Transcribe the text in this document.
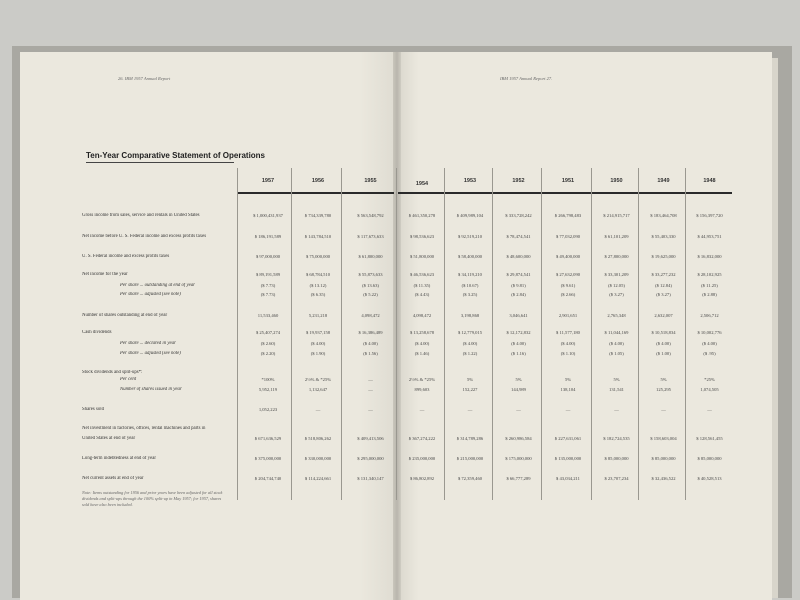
26. IBM 1957 Annual Report	IBM 1957 Annual Report 27.
Ten-Year Comparative Statement of Operations
1957	1956	1955	1954	1953	1952	1951	1950	1949	1948
Gross income from sales, service and rentals in United States	$ 1,000,431,937	$ 734,339,780	$ 563,548,792	$ 461,350,278	$ 409,989,104	$ 333,728,242	$ 266,798,483	$ 214,915,717	$ 183,464,708	$ 156,397,720
Net income before U. S. Federal income and excess profits taxes	$ 186,191,589	$ 143,784,510	$ 117,673,633	$ 98,536,623	$ 92,519,210	$ 78,474,541	$ 77,032,090	$ 61,101,209	$ 55,403,330	$ 44,953,751
U. S. Federal income and excess profits taxes	$ 97,000,000	$ 75,000,000	$ 61,800,000	$ 51,800,000	$ 58,400,000	$ 48,600,000	$ 49,400,000	$ 27,800,000	$ 19,625,000	$ 16,832,000
Net income for the year	$ 89,191,589	$ 68,784,510	$ 55,873,633	$ 46,536,623	$ 34,119,210	$ 29,874,541	$ 27,632,090	$ 33,301,209	$ 33,277,232	$ 28,102,925
Per share ... outstanding at end of year	($ 7.73)	($ 13.12)	($ 13.63)	($ 11.35)	($ 10.67)	($ 9.81)	($ 9.61)	($ 12.05)	($ 12.84)	($ 11.25)
Per share ... adjusted (see note)	($ 7.73)	($ 6.35)	($ 5.22)	($ 4.43)	($ 3.25)	($ 2.84)	($ 2.66)	($ 3.27)	($ 3.27)	($ 2.88)
Number of shares outstanding at end of year	11,533,460	5,231,218	4,098,472	4,098,472	3,198,868	3,046,641	2,901,651	2,765,348	2,632,007	2,506,712
Cash dividends	$ 25,407,274	$ 19,937,158	$ 16,386,489	$ 13,258,678	$ 12,779,015	$ 12,172,832	$ 11,577,180	$ 11,044,169	$ 10,518,834	$ 10,002,776
Per share ... declared in year	($ 2.60)	($ 4.00)	($ 4.00)	($ 4.00)	($ 4.00)	($ 4.00)	($ 4.00)	($ 4.00)	($ 4.00)	($ 4.00)
Per share ... adjusted (see note)	($ 2.20)	($ 1.90)	($ 1.56)	($ 1.46)	($ 1.22)	($ 1.16)	($ 1.10)	($ 1.05)	($ 1.00)	($ .95)
Stock dividends and split-ups*:
Per cent	*100%	2½% & *25%	—	2½% & *25%	5%	5%	5%	5%	5%	*25%
Number of shares issued in year	5,952,119	1,132,647	—	899,603	152,227	144,989	138,104	131,541	125,295	1,074,505
Shares sold	1,052,223	—	—	—	—	—	—	—	—	—
Net investment in factories, offices, rental machines and parts in
United States at end of year	$ 671,636,529	$ 518,806,262	$ 409,413,506	$ 367,274,222	$ 314,789,286	$ 260,986,584	$ 227,631,061	$ 182,724,535	$ 158,603,004	$ 128,561,455
Long-term indebtedness at end of year	$ 375,000,000	$ 330,000,000	$ 295,000,000	$ 235,000,000	$ 215,000,000	$ 175,000,000	$ 135,000,000	$ 85,000,000	$ 85,000,000	$ 85,000,000
Net current assets at end of year	$ 204,744,740	$ 114,224,661	$ 131,340,147	$ 86,802,892	$ 72,359,460	$ 66,777,289	$ 43,034,211	$ 23,707,234	$ 32,436,522	$ 40,528,513
Note: Items outstanding for 1956 and prior years have been adjusted for all stock dividends and split-ups through the 100% split-up in May 1957; for 1957, shares sold have also been included.
